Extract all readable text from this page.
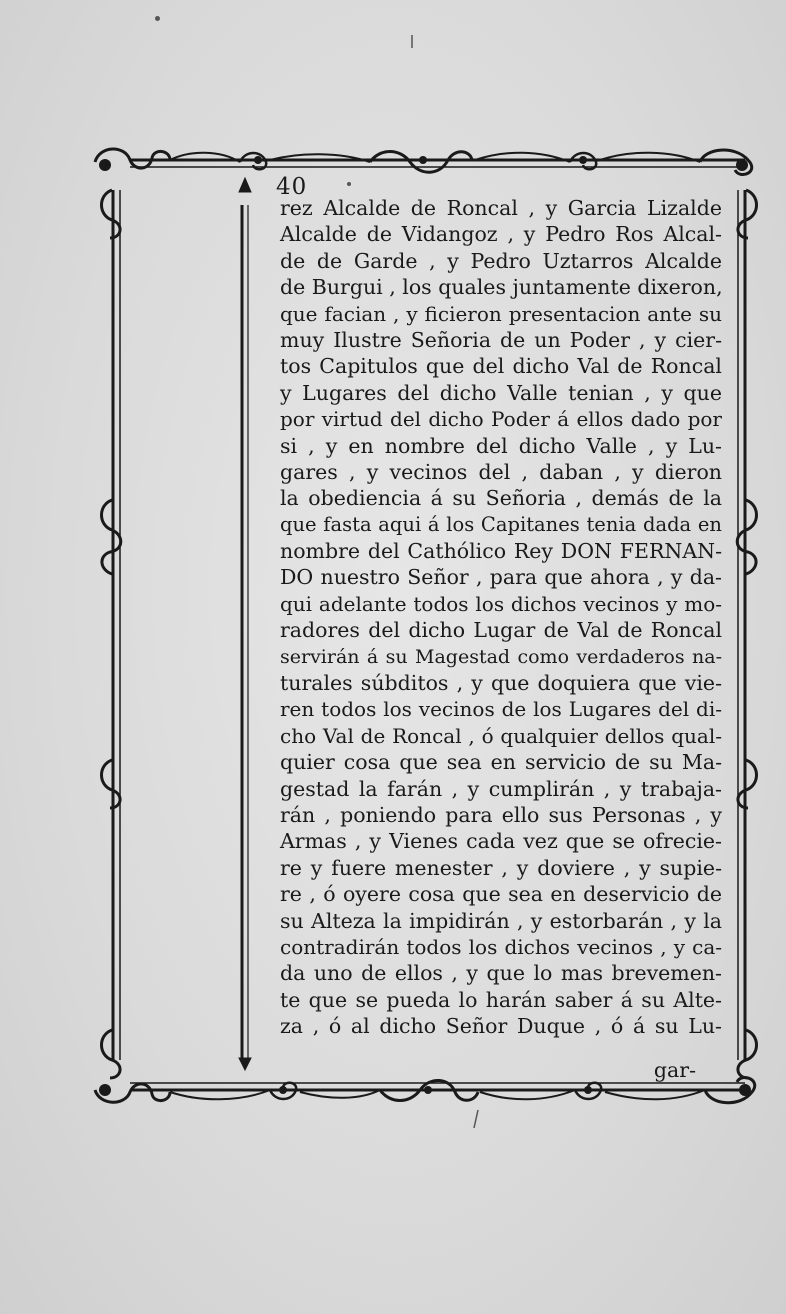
40
rez Alcalde de Roncal , y Garcia Lizalde
Alcalde de Vidangoz , y Pedro Ros Alcal-
de de Garde , y Pedro Uztarros Alcalde
de Burgui , los quales juntamente dixeron,
que facian , y ficieron presentacion ante su
muy Ilustre Señoria de un Poder , y cier-
tos Capitulos que del dicho Val de Roncal
y Lugares del dicho Valle tenian , y que
por virtud del dicho Poder á ellos dado por
si , y en nombre del dicho Valle , y Lu-
gares , y vecinos del , daban , y dieron
la obediencia á su Señoria , demás de la
que fasta aqui á los Capitanes tenia dada en
nombre del Cathólico Rey DON FERNAN-
DO nuestro Señor , para que ahora , y da-
qui adelante todos los dichos vecinos y mo-
radores del dicho Lugar de Val de Roncal
servirán á su Magestad como verdaderos na-
turales súbditos , y que doquiera que vie-
ren todos los vecinos de los Lugares del di-
cho Val de Roncal , ó qualquier dellos qual-
quier cosa que sea en servicio de su Ma-
gestad la farán , y cumplirán , y trabaja-
rán , poniendo para ello sus Personas , y
Armas , y Vienes cada vez que se ofrecie-
re y fuere menester , y doviere , y supie-
re , ó oyere cosa que sea en deservicio de
su Alteza la impidirán , y estorbarán , y la
contradirán todos los dichos vecinos , y ca-
da uno de ellos , y que lo mas brevemen-
te que se pueda lo harán saber á su Alte-
za , ó al dicho Señor Duque , ó á su Lu-
gar-
